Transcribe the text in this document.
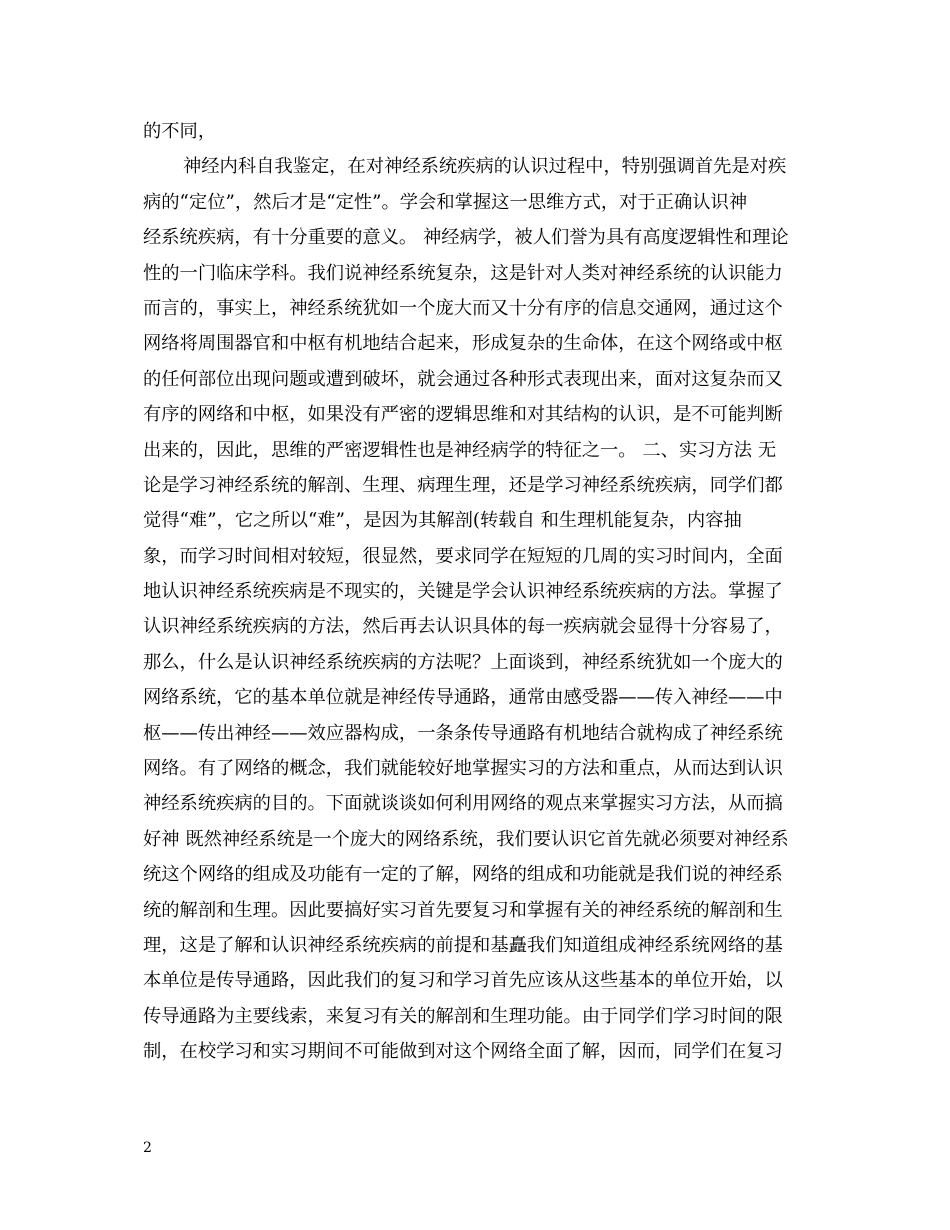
的不同，
神经内科自我鉴定，在对神经系统疾病的认识过程中，特别强调首先是对疾
病的“定位”，然后才是“定性”。学会和掌握这一思维方式，对于正确认识神
经系统疾病，有十分重要的意义。 神经病学，被人们誉为具有高度逻辑性和理论
性的一门临床学科。我们说神经系统复杂，这是针对人类对神经系统的认识能力
而言的，事实上，神经系统犹如一个庞大而又十分有序的信息交通网，通过这个
网络将周围器官和中枢有机地结合起来，形成复杂的生命体，在这个网络或中枢
的任何部位出现问题或遭到破坏，就会通过各种形式表现出来，面对这复杂而又
有序的网络和中枢，如果没有严密的逻辑思维和对其结构的认识，是不可能判断
出来的，因此，思维的严密逻辑性也是神经病学的特征之一。 二、实习方法 无
论是学习神经系统的解剖、生理、病理生理，还是学习神经系统疾病，同学们都
觉得“难”，它之所以“难”，是因为其解剖(转载自 和生理机能复杂，内容抽
象，而学习时间相对较短，很显然，要求同学在短短的几周的实习时间内，全面
地认识神经系统疾病是不现实的，关键是学会认识神经系统疾病的方法。掌握了
认识神经系统疾病的方法，然后再去认识具体的每一疾病就会显得十分容易了，
那么，什么是认识神经系统疾病的方法呢？上面谈到，神经系统犹如一个庞大的
网络系统，它的基本单位就是神经传导通路，通常由感受器——传入神经——中
枢——传出神经——效应器构成，一条条传导通路有机地结合就构成了神经系统
网络。有了网络的概念，我们就能较好地掌握实习的方法和重点，从而达到认识
神经系统疾病的目的。下面就谈谈如何利用网络的观点来掌握实习方法，从而搞
好神 既然神经系统是一个庞大的网络系统，我们要认识它首先就必须要对神经系
统这个网络的组成及功能有一定的了解，网络的组成和功能就是我们说的神经系
统的解剖和生理。因此要搞好实习首先要复习和掌握有关的神经系统的解剖和生
理，这是了解和认识神经系统疾病的前提和基矗我们知道组成神经系统网络的基
本单位是传导通路，因此我们的复习和学习首先应该从这些基本的单位开始，以
传导通路为主要线索，来复习有关的解剖和生理功能。由于同学们学习时间的限
制，在校学习和实习期间不可能做到对这个网络全面了解，因而，同学们在复习
2
